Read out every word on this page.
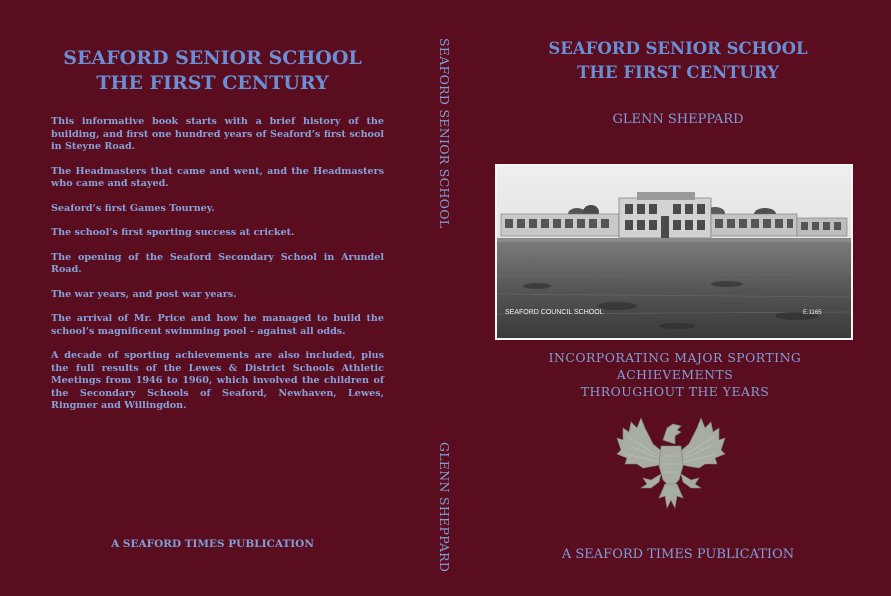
SEAFORD SENIOR SCHOOL
THE FIRST CENTURY

This informative book starts with a brief history of the building, and first one hundred years of Seaford’s first school in Steyne Road.

The Headmasters that came and went, and the Headmasters who came and stayed.

Seaford’s first Games Tourney.

The school’s first sporting success at cricket.

The opening of the Seaford Secondary School in Arundel Road.

The war years, and post war years.

The arrival of Mr. Price and how he managed to build the school’s magnificent swimming pool - against all odds.

A decade of sporting achievements are also included, plus the full results of the Lewes & District Schools Athletic Meetings from 1946 to 1960, which involved the children of the Secondary Schools of Seaford, Newhaven, Lewes, Ringmer and Willingdon.

A SEAFORD TIMES PUBLICATION
SEAFORD SENIOR SCHOOL
GLENN SHEPPARD
SEAFORD SENIOR SCHOOL
THE FIRST CENTURY
GLENN SHEPPARD
SEAFORD COUNCIL SCHOOL	E.1165
INCORPORATING MAJOR SPORTING ACHIEVEMENTS
THROUGHOUT THE YEARS
A SEAFORD TIMES PUBLICATION
